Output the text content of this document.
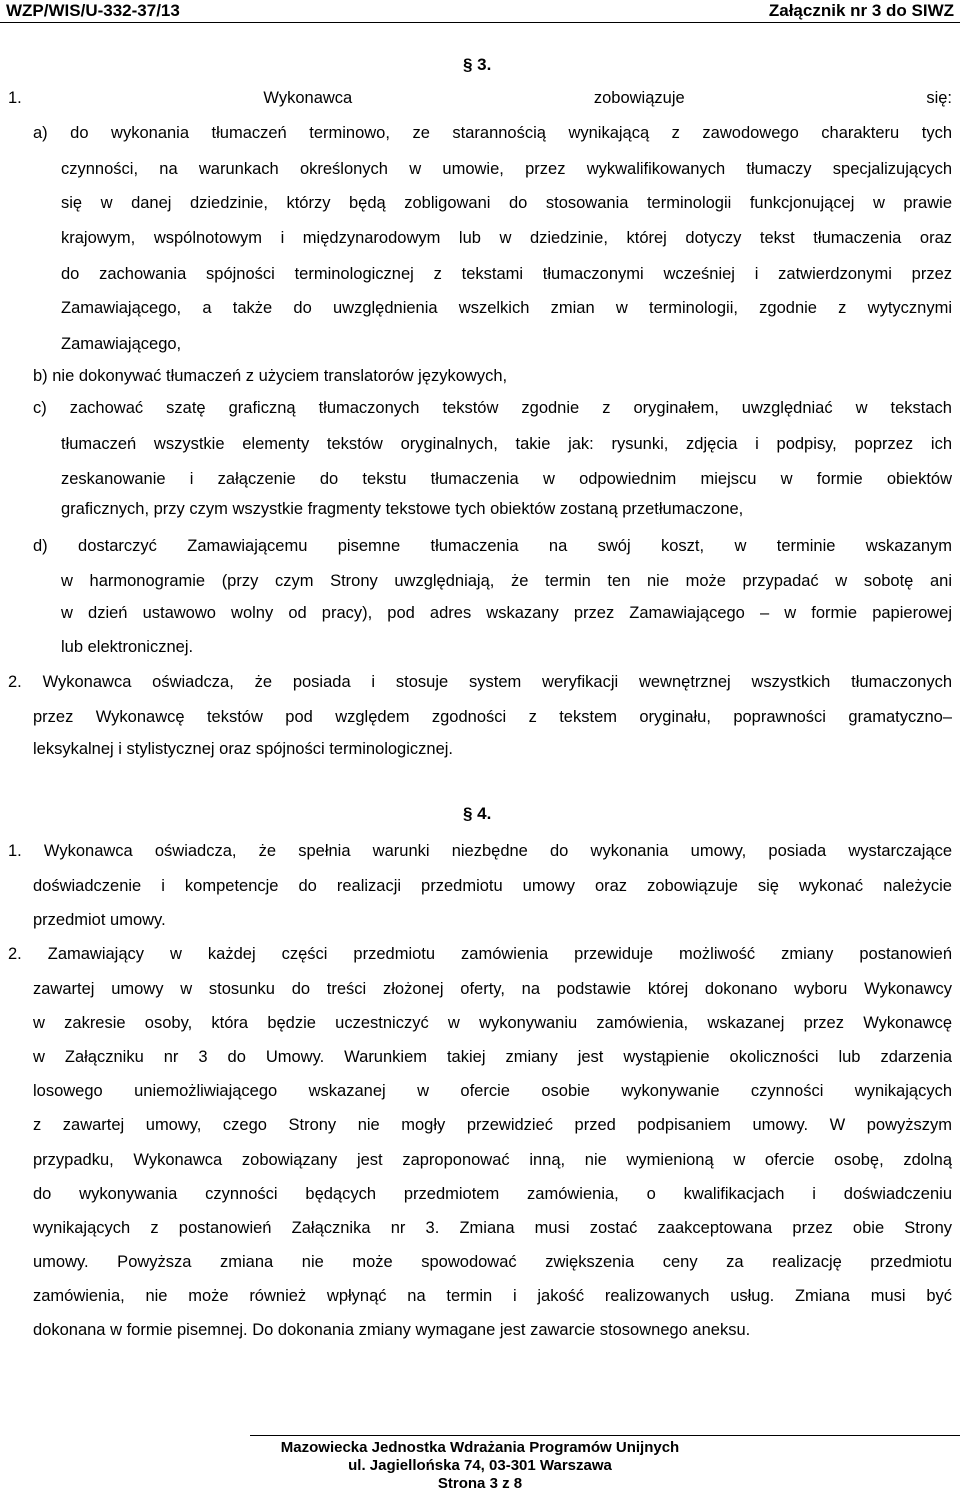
WZP/WIS/U-332-37/13	Załącznik nr 3 do SIWZ
§ 3.
1. Wykonawca zobowiązuje się:
a) do wykonania tłumaczeń terminowo, ze starannością wynikającą z zawodowego charakteru tych
czynności, na warunkach określonych w umowie, przez wykwalifikowanych tłumaczy specjalizujących
się w danej dziedzinie, którzy będą zobligowani do stosowania terminologii funkcjonującej w prawie
krajowym, wspólnotowym i międzynarodowym lub w dziedzinie, której dotyczy tekst tłumaczenia oraz
do zachowania spójności terminologicznej z tekstami tłumaczonymi wcześniej i zatwierdzonymi przez
Zamawiającego, a także do uwzględnienia wszelkich zmian w terminologii, zgodnie z wytycznymi
Zamawiającego,
b) nie dokonywać tłumaczeń z użyciem translatorów językowych,
c) zachować szatę graficzną tłumaczonych tekstów zgodnie z oryginałem, uwzględniać w tekstach
tłumaczeń wszystkie elementy tekstów oryginalnych, takie jak: rysunki, zdjęcia i podpisy, poprzez ich
zeskanowanie i załączenie do tekstu tłumaczenia w odpowiednim miejscu w formie obiektów
graficznych, przy czym wszystkie fragmenty tekstowe tych obiektów zostaną przetłumaczone,
d) dostarczyć Zamawiającemu pisemne tłumaczenia na swój koszt, w terminie wskazanym
w harmonogramie (przy czym Strony uwzględniają, że termin ten nie może przypadać w sobotę ani
w dzień ustawowo wolny od pracy), pod adres wskazany przez Zamawiającego – w formie papierowej
lub elektronicznej.
2. Wykonawca oświadcza, że posiada i stosuje system weryfikacji wewnętrznej wszystkich tłumaczonych
przez Wykonawcę tekstów pod względem zgodności z tekstem oryginału, poprawności gramatyczno–
leksykalnej i stylistycznej oraz spójności terminologicznej.
§ 4.
1. Wykonawca oświadcza, że spełnia warunki niezbędne do wykonania umowy, posiada wystarczające
doświadczenie i kompetencje do realizacji przedmiotu umowy oraz zobowiązuje się wykonać należycie
przedmiot umowy.
2. Zamawiający w każdej części przedmiotu zamówienia przewiduje możliwość zmiany postanowień
zawartej umowy w stosunku do treści złożonej oferty, na podstawie której dokonano wyboru Wykonawcy
w zakresie osoby, która będzie uczestniczyć w wykonywaniu zamówienia, wskazanej przez Wykonawcę
w Załączniku nr 3 do Umowy. Warunkiem takiej zmiany jest wystąpienie okoliczności lub zdarzenia
losowego uniemożliwiającego wskazanej w ofercie osobie wykonywanie czynności wynikających
z zawartej umowy, czego Strony nie mogły przewidzieć przed podpisaniem umowy. W powyższym
przypadku, Wykonawca zobowiązany jest zaproponować inną, nie wymienioną w ofercie osobę, zdolną
do wykonywania czynności będących przedmiotem zamówienia, o kwalifikacjach i doświadczeniu
wynikających z postanowień Załącznika nr 3. Zmiana musi zostać zaakceptowana przez obie Strony
umowy. Powyższa zmiana nie może spowodować zwiększenia ceny za realizację przedmiotu
zamówienia, nie może również wpłynąć na termin i jakość realizowanych usług. Zmiana musi być
dokonana w formie pisemnej. Do dokonania zmiany wymagane jest zawarcie stosownego aneksu.
Mazowiecka Jednostka Wdrażania Programów Unijnych
ul. Jagiellońska 74, 03-301 Warszawa
Strona 3 z 8
